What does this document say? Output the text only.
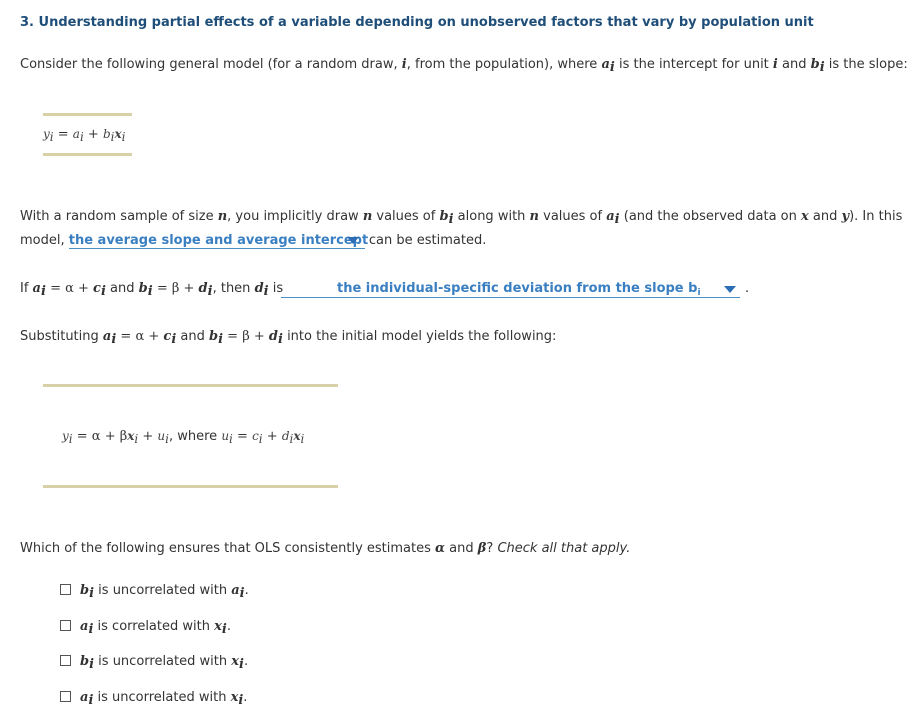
3. Understanding partial effects of a variable depending on unobserved factors that vary by population unit
Consider the following general model (for a random draw, i, from the population), where $a_i$ is the intercept for unit i and $b_i$ is the slope:
$y_i = a_i + b_ix_i$
With a random sample of size n, you implicitly draw n values of $b_i$ along with n values of $a_i$ (and the observed data on x and y). In this
model, the average slope and average intercept
can be estimated.
If $a_i = \alpha + c_i$ and $b_i = \beta + d_i$, then $d_i$ is	the individual-specific deviation from the slope $b_i$	.
Substituting $a_i = \alpha + c_i$ and $b_i = \beta + d_i$ into the initial model yields the following:
$y_i = \alpha + \beta x_i + u_i$, where $u_i = c_i + d_ix_i$
Which of the following ensures that OLS consistently estimates α and β? Check all that apply.
$b_i$ is uncorrelated with $a_i$.
$a_i$ is correlated with $x_i$.
$b_i$ is uncorrelated with $x_i$.
$a_i$ is uncorrelated with $x_i$.
